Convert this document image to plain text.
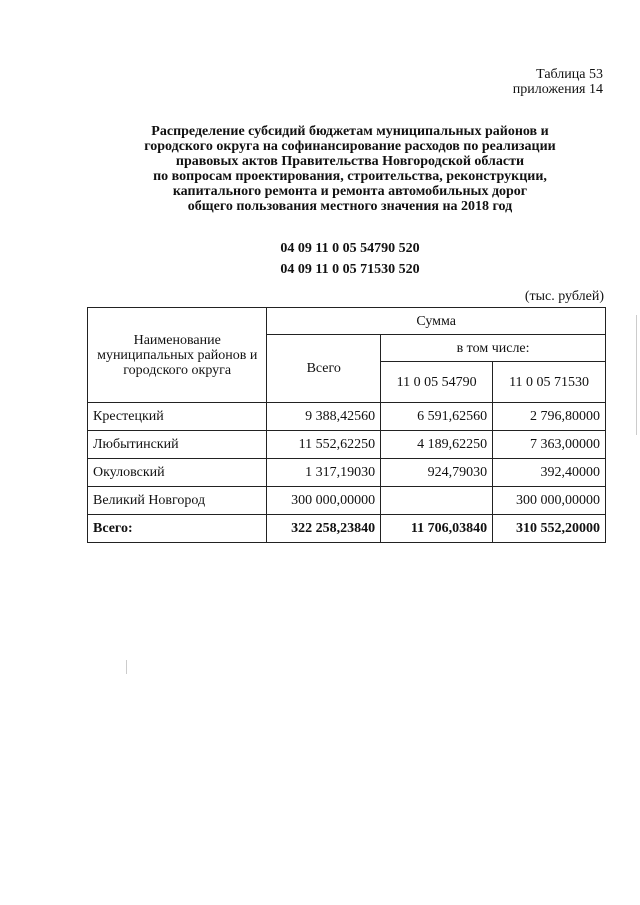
Таблица 53
приложения 14
Распределение субсидий бюджетам муниципальных районов и
городского округа на софинансирование расходов по реализации
правовых актов Правительства Новгородской области
по вопросам проектирования, строительства, реконструкции,
капитального ремонта и ремонта автомобильных дорог
общего пользования местного значения на 2018 год
04 09 11 0 05 54790 520
04 09 11 0 05 71530 520
(тыс. рублей)
Наименование муниципальных районов и городского округа	Сумма		
	Всего	в том числе:	
		11 0 05 54790	11 0 05 71530
Крестецкий	9 388,42560	6 591,62560	2 796,80000
Любытинский	11 552,62250	4 189,62250	7 363,00000
Окуловский	1 317,19030	924,79030	392,40000
Великий Новгород	300 000,00000		300 000,00000
Всего:	322 258,23840	11 706,03840	310 552,20000
